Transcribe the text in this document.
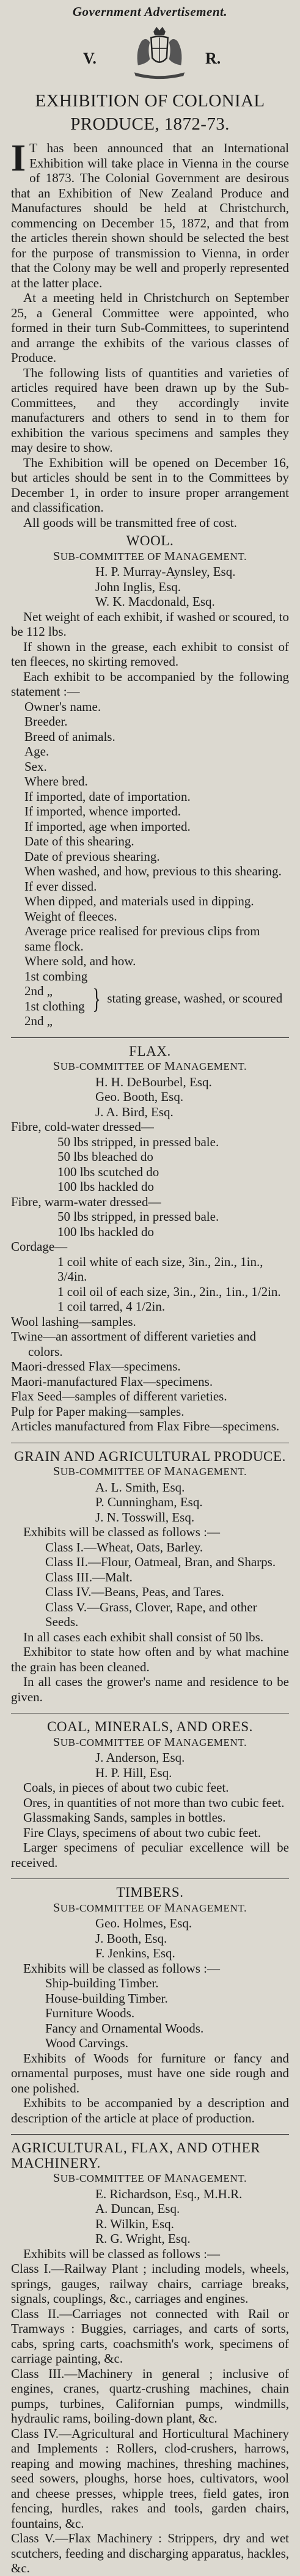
Government Advertisement.
V.	R.
EXHIBITION OF COLONIAL PRODUCE, 1872-73.

I T has been announced that an International Exhibition will take place in Vienna in the course of 1873. The Colonial Government are desirous that an Exhibition of New Zealand Produce and Manufactures should be held at Christchurch, commencing on December 15, 1872, and that from the articles therein shown should be selected the best for the purpose of transmission to Vienna, in order that the Colony may be well and properly represented at the latter place.

At a meeting held in Christchurch on September 25, a General Committee were appointed, who formed in their turn Sub-Committees, to superintend and arrange the exhibits of the various classes of Produce.

The following lists of quantities and varieties of articles required have been drawn up by the Sub-Committees, and they accordingly invite manufacturers and others to send in to them for exhibition the various specimens and samples they may desire to show.

The Exhibition will be opened on December 16, but articles should be sent in to the Committees by December 1, in order to insure proper arrangement and classification.

All goods will be transmitted free of cost.

WOOL.
SUB-COMMITTEE OF MANAGEMENT.
H. P. Murray-Aynsley, Esq.
John Inglis, Esq.
W. K. Macdonald, Esq.

Net weight of each exhibit, if washed or scoured, to be 112 lbs.

If shown in the grease, each exhibit to consist of ten fleeces, no skirting removed.

Each exhibit to be accompanied by the following statement :—

Owner's name.
Breeder.
Breed of animals.
Age.
Sex.
Where bred.
If imported, date of importation.
If imported, whence imported.
If imported, age when imported.
Date of this shearing.
Date of previous shearing.
When washed, and how, previous to this shearing.
If ever dissed.
When dipped, and materials used in dipping.
Weight of fleeces.
Average price realised for previous clips from same flock.
Where sold, and how.
1st combing
2nd „
1st clothing
2nd „
} stating grease, washed, or scoured
FLAX.
SUB-COMMITTEE OF MANAGEMENT.
H. H. DeBourbel, Esq.
Geo. Booth, Esq.
J. A. Bird, Esq.
Fibre, cold-water dressed—
50 lbs stripped, in pressed bale.
50 lbs bleached do
100 lbs scutched do
100 lbs hackled do
Fibre, warm-water dressed—
50 lbs stripped, in pressed bale.
100 lbs hackled do
Cordage—
1 coil white of each size, 3in., 2in., 1in., 3/4in.
1 coil oil of each size, 3in., 2in., 1in., 1/2in.
1 coil tarred, 4 1/2in.
Wool lashing—samples.
Twine—an assortment of different varieties and colors.
Maori-dressed Flax—specimens.
Maori-manufactured Flax—specimens.
Flax Seed—samples of different varieties.
Pulp for Paper making—samples.
Articles manufactured from Flax Fibre—specimens.
GRAIN AND AGRICULTURAL PRODUCE.
SUB-COMMITTEE OF MANAGEMENT.
A. L. Smith, Esq.
P. Cunningham, Esq.
J. N. Tosswill, Esq.

Exhibits will be classed as follows :—

Class I.—Wheat, Oats, Barley.
Class II.—Flour, Oatmeal, Bran, and Sharps.
Class III.—Malt.
Class IV.—Beans, Peas, and Tares.
Class V.—Grass, Clover, Rape, and other Seeds.

In all cases each exhibit shall consist of 50 lbs.

Exhibitor to state how often and by what machine the grain has been cleaned.

In all cases the grower's name and residence to be given.

COAL, MINERALS, AND ORES.
SUB-COMMITTEE OF MANAGEMENT.
J. Anderson, Esq.
H. P. Hill, Esq.

Coals, in pieces of about two cubic feet.

Ores, in quantities of not more than two cubic feet.

Glassmaking Sands, samples in bottles.

Fire Clays, specimens of about two cubic feet.

Larger specimens of peculiar excellence will be received.

TIMBERS.
SUB-COMMITTEE OF MANAGEMENT.
Geo. Holmes, Esq.
J. Booth, Esq.
F. Jenkins, Esq.

Exhibits will be classed as follows :—

Ship-building Timber.
House-building Timber.
Furniture Woods.
Fancy and Ornamental Woods.
Wood Carvings.

Exhibits of Woods for furniture or fancy and ornamental purposes, must have one side rough and one polished.

Exhibits to be accompanied by a description and description of the article at place of production.

AGRICULTURAL, FLAX, AND OTHER MACHINERY.
SUB-COMMITTEE OF MANAGEMENT.
E. Richardson, Esq., M.H.R.
A. Duncan, Esq.
R. Wilkin, Esq.
R. G. Wright, Esq.

Exhibits will be classed as follows :—

Class I.—Railway Plant ; including models, wheels, springs, gauges, railway chairs, carriage breaks, signals, couplings, &c., carriages and engines.
Class II.—Carriages not connected with Rail or Tramways : Buggies, carriages, and carts of sorts, cabs, spring carts, coachsmith's work, specimens of carriage painting, &c.
Class III.—Machinery in general ; inclusive of engines, cranes, quartz-crushing machines, chain pumps, turbines, Californian pumps, windmills, hydraulic rams, boiling-down plant, &c.
Class IV.—Agricultural and Horticultural Machinery and Implements : Rollers, clod-crushers, harrows, reaping and mowing machines, threshing machines, seed sowers, ploughs, horse hoes, cultivators, wool and cheese presses, whipple trees, field gates, iron fencing, hurdles, rakes and tools, garden chairs, fountains, &c.
Class V.—Flax Machinery : Strippers, dry and wet scutchers, feeding and discharging apparatus, hackles, &c.
